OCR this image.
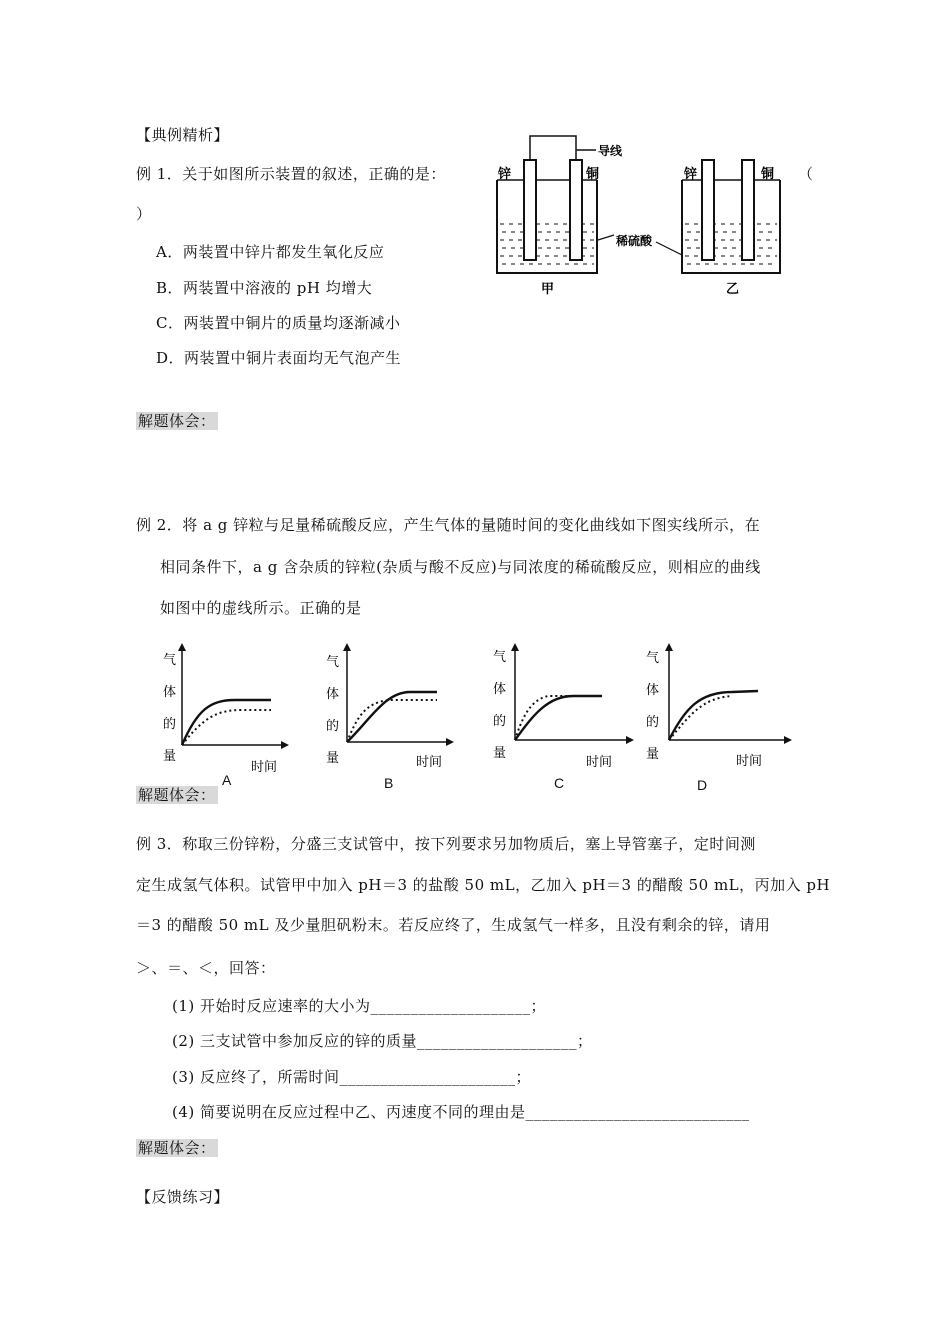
【典例精析】
例 1．关于如图所示装置的叙述，正确的是：	（
）
A．两装置中锌片都发生氧化反应
B．两装置中溶液的 pH 均增大
C．两装置中铜片的质量均逐渐减小
D．两装置中铜片表面均无气泡产生
导线
锌	铜
甲
稀硫酸
锌	铜
乙
解题体会：
例 2．将 a g 锌粒与足量稀硫酸反应，产生气体的量随时间的变化曲线如下图实线所示，在
相同条件下，a g 含杂质的锌粒(杂质与酸不反应)与同浓度的稀硫酸反应，则相应的曲线
如图中的虚线所示。正确的是
气
体
的
量
时间
气
体
的
量	时间
气
体
的
量
时间
气
体
的
量	时间
解题体会：
A	B	C	D
例 3．称取三份锌粉，分盛三支试管中，按下列要求另加物质后，塞上导管塞子，定时间测
定生成氢气体积。试管甲中加入 pH＝3 的盐酸 50 mL，乙加入 pH＝3 的醋酸 50 mL，丙加入 pH
＝3 的醋酸 50 mL 及少量胆矾粉末。若反应终了，生成氢气一样多，且没有剩余的锌，请用
＞、＝、＜，回答：
(1) 开始时反应速率的大小为____________________；
(2) 三支试管中参加反应的锌的质量____________________；
(3) 反应终了，所需时间______________________；
(4) 简要说明在反应过程中乙、丙速度不同的理由是____________________________
解题体会：
【反馈练习】
